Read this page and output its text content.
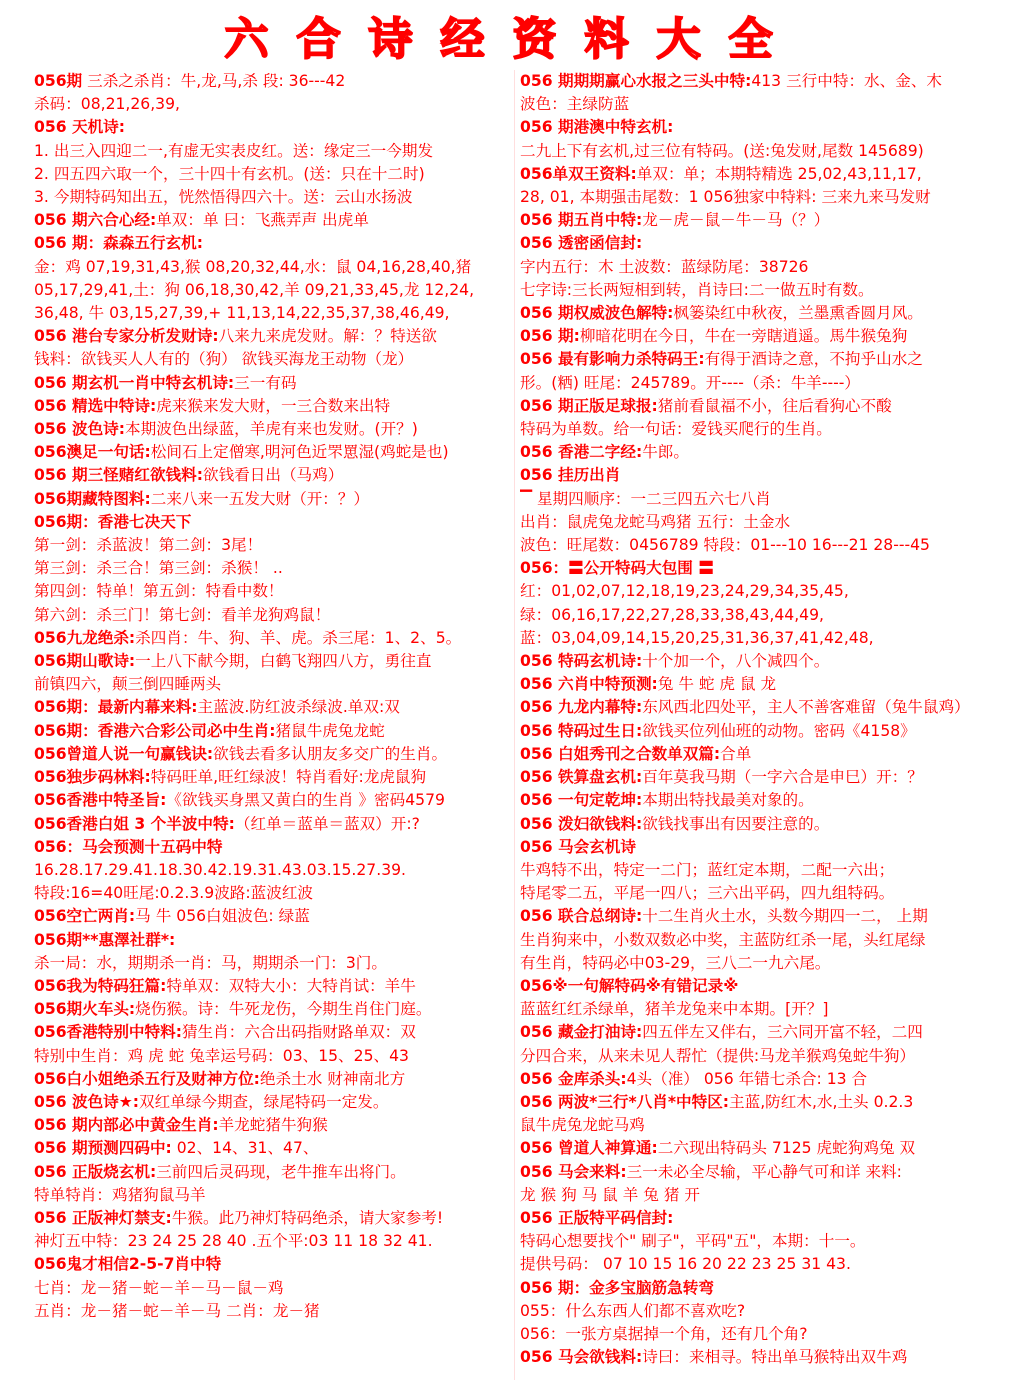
六合诗经资料大全
056期 三杀之杀肖：牛,龙,马,杀 段: 36---42
杀码：08,21,26,39,
056 天机诗:
1. 出三入四迎二一,有虚无实表皮红。送：缘定三一今期发
2. 四五四六取一个，三十四十有玄机。(送：只在十二时)
3. 今期特码知出五，恍然悟得四六十。送：云山水扬波
056 期六合心经:单双：单 曰：飞燕弄声 出虎单
056 期：森森五行玄机:
金：鸡 07,19,31,43,猴 08,20,32,44,水：鼠 04,16,28,40,猪
05,17,29,41,土：狗 06,18,30,42,羊 09,21,33,45,龙 12,24,
36,48, 牛 03,15,27,39,+ 11,13,14,22,35,37,38,46,49,
056 港台专家分析发财诗:八来九来虎发财。解：？特送欲
钱料：欲钱买人人有的（狗） 欲钱买海龙王动物（龙）
056 期玄机一肖中特玄机诗:三一有码
056 精选中特诗:虎来猴来发大财，一三合数来出特
056 波色诗:本期波色出绿蓝，羊虎有来也发财。(开？)
056澳足一句话:松间石上定僧寒,明河色近罘罳湿(鸡蛇是也)
056 期三怪赌红欲钱料:欲钱看日出（马鸡）
056期藏特图料:二来八来一五发大财（开：？）
056期：香港七决天下
第一剑：杀蓝波！第二剑：3尾！
第三剑：杀三合！第三剑：杀猴！ ..
第四剑：特单！第五剑：特看中数！
第六剑：杀三门！第七剑：看羊龙狗鸡鼠！
056九龙绝杀:杀四肖：牛、狗、羊、虎。杀三尾：1、2、5。
056期山歌诗:一上八下献今期，白鹤飞翔四八方，勇往直
前镇四六，颠三倒四睡两头
056期：最新内幕来料:主蓝波.防红波杀绿波.单双:双
056期：香港六合彩公司必中生肖:猪鼠牛虎兔龙蛇
056曾道人说一句赢钱诀:欲钱去看多认朋友多交广的生肖。
056独步码林料:特码旺单,旺红绿波！特肖看好:龙虎鼠狗
056香港中特圣旨:《欲钱买身黑又黄白的生肖 》密码4579
056香港白姐 3 个半波中特:（红单＝蓝单＝蓝双）开:?
056：马会预测十五码中特
16.28.17.29.41.18.30.42.19.31.43.03.15.27.39.
特段:16=40旺尾:0.2.3.9波路:蓝波红波
056空亡两肖:马 牛 056白姐波色: 绿蓝
056期**惠澤社群*:
杀一局：水，期期杀一肖：马，期期杀一门：3门。
056我为特码狂篇:特单双：双特大小：大特肖试：羊牛
056期火车头:烧伤猴。诗：牛死龙伤，今期生肖住门庭。
056香港特别中特料:猜生肖：六合出码指财路单双：双
特别中生肖：鸡 虎 蛇 兔幸运号码：03、15、25、43
056白小姐绝杀五行及财神方位:绝杀土水 财神南北方
056 波色诗★:双红单绿今期查，绿尾特码一定发。
056 期内部必中黄金生肖:羊龙蛇猪牛狗猴
056 期预测四码中: 02、14、31、47、
056 正版烧玄机:三前四后灵码现，老牛推车出将门。
特单特肖：鸡猪狗鼠马羊
056 正版神灯禁支:牛猴。此乃神灯特码绝杀，请大家参考!
神灯五中特：23 24 25 28 40 .五个平:03 11 18 32 41.
056鬼才相信2-5-7肖中特
七肖：龙－猪－蛇－羊－马－鼠－鸡
五肖：龙－猪－蛇－羊－马 二肖：龙－猪
056 期期期赢心水报之三头中特:413 三行中特：水、金、木
波色：主绿防蓝
056 期港澳中特玄机:
二九上下有玄机,过三位有特码。(送:兔发财,尾数 145689)
056单双王资料:单双：单；本期特精选 25,02,43,11,17,
28, 01, 本期强击尾数：1 056独家中特料: 三来九来马发财
056 期五肖中特:龙－虎－鼠－牛－马（？）
056 透密函信封:
字内五行：木 土波数：蓝绿防尾：38726
七字诗:三长两短相到转，肖诗曰:二一做五时有数。
056 期权威波色解特:枫篓染红中秋夜，兰墨熏香圆月风。
056 期:柳暗花明在今日，牛在一旁瞎逍遥。馬牛猴兔狗
056 最有影响力杀特码王:有得于酒诗之意，不拘乎山水之
形。(粞) 旺尾：245789。开----（杀：牛羊----）
056 期正版足球报:猪前看鼠福不小，往后看狗心不酸
特码为单数。给一句话：爱钱买爬行的生肖。
056 香港二字经:牛郎。
056 挂历出肖
▔ 星期四顺序：一二三四五六七八肖
出肖：鼠虎兔龙蛇马鸡猪 五行：土金水
波色：旺尾数：0456789 特段：01---10 16---21 28---45
056：〓公开特码大包围 〓
红：01,02,07,12,18,19,23,24,29,34,35,45,
绿：06,16,17,22,27,28,33,38,43,44,49,
蓝：03,04,09,14,15,20,25,31,36,37,41,42,48,
056 特码玄机诗:十个加一个，八个减四个。
056 六肖中特预测:兔 牛 蛇 虎 鼠 龙
056 九龙内幕特:东风西北四处平，主人不善客难留（兔牛鼠鸡）
056 特码过生日:欲钱买位列仙班的动物。密码《4158》
056 白姐秀刊之合数单双篇:合单
056 铁算盘玄机:百年莫我马期（一字六合是申巳）开：？
056 一句定乾坤:本期出特找最美对象的。
056 泼妇欲钱料:欲钱找事出有因要注意的。
056 马会玄机诗
牛鸡特不出，特定一二门；蓝红定本期，二配一六出；
特尾零二五，平尾一四八；三六出平码，四九组特码。
056 联合总纲诗:十二生肖火土水，头数今期四一二， 上期
生肖狗来中，小数双数必中奖，主蓝防红杀一尾，头红尾绿
有生肖，特码必中03-29，三八二一九六尾。
056※一句解特码※有错记录※
蓝蓝红红杀绿单，猪羊龙兔来中本期。[开？]
056 藏金打油诗:四五伴左又伴右，三六同开富不轻，二四
分四合来，从来未见人帮忙（提供:马龙羊猴鸡兔蛇牛狗）
056 金库杀头:4头（准） 056 年错七杀合: 13 合
056 两波*三行*八肖*中特区:主蓝,防红木,水,土头 0.2.3
鼠牛虎兔龙蛇马鸡
056 曾道人神算通:二六现出特码头 7125 虎蛇狗鸡兔 双
056 马会来料:三一未必全尽输，平心静气可和详 来料:
龙 猴 狗 马 鼠 羊 兔 猪 开
056 正版特平码信封:
特码心想要找个" 刷子"，平码"五"，本期：十一。
提供号码： 07 10 15 16 20 22 23 25 31 43.
056 期：金多宝脑筋急转弯
055：什么东西人们都不喜欢吃?
056：一张方桌据掉一个角，还有几个角?
056 马会欲钱料:诗曰：来相寻。特出单马猴特出双牛鸡
